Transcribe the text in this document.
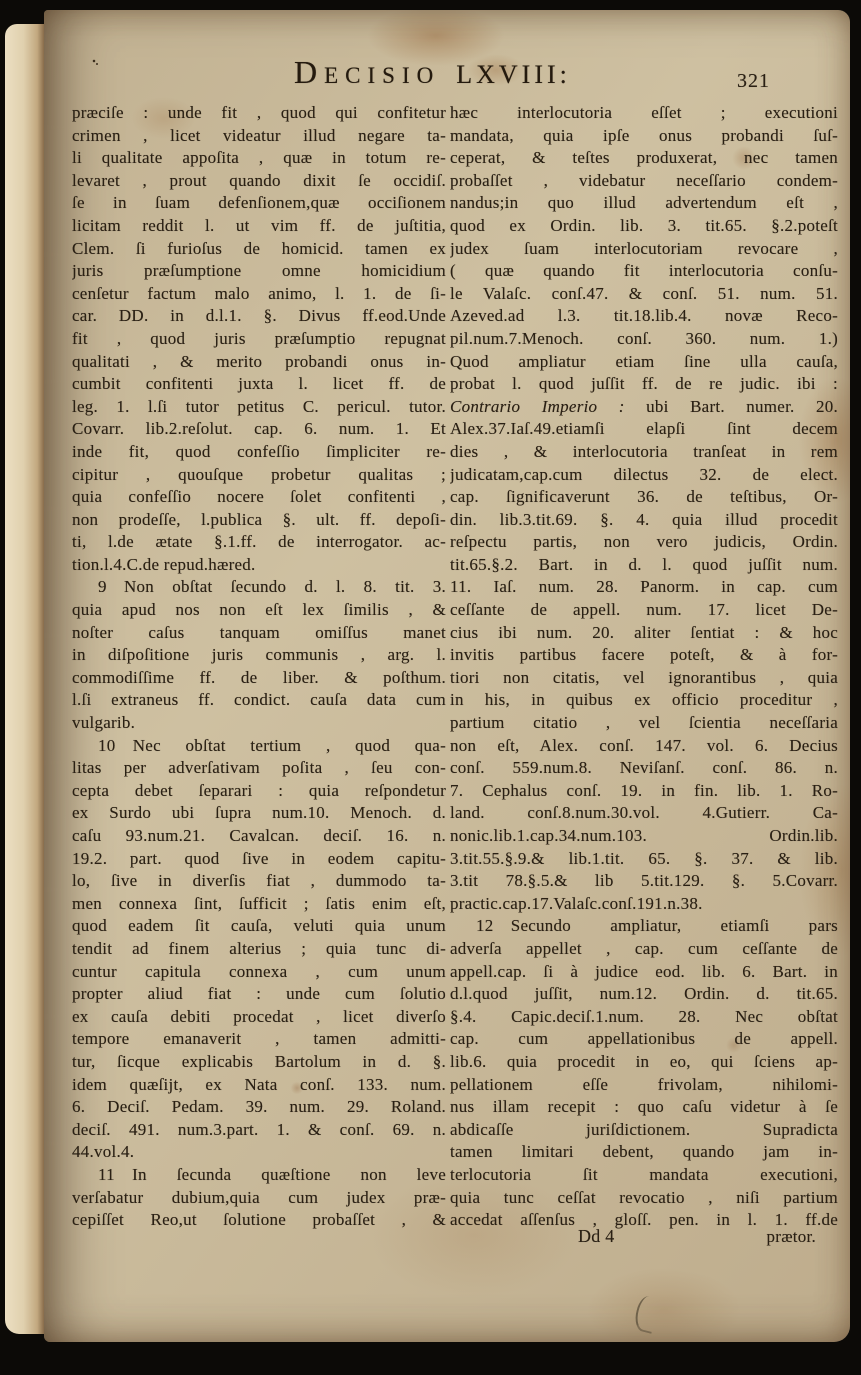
DECISIO LXVIII:	321
præciſe : unde fit , quod qui confitetur
crimen , licet videatur illud negare ta-
li qualitate appoſita , quæ in totum re-
levaret , prout quando dixit ſe occidiſ.
ſe in ſuam defenſionem,quæ occiſionem
licitam reddit l. ut vim ff. de juſtitia,
Clem. ſi furioſus de homicid. tamen ex
juris præſumptione omne homicidium
cenſetur factum malo animo, l. 1. de ſi-
car. DD. in d.l.1. §. Divus ff.eod.Unde
fit , quod juris præſumptio repugnat
qualitati , & merito probandi onus in-
cumbit confitenti juxta l. licet ff. de
leg. 1. l.ſi tutor petitus C. pericul. tutor.
Covarr. lib.2.reſolut. cap. 6. num. 1. Et
inde fit, quod confeſſio ſimpliciter re-
cipitur , quouſque probetur qualitas ;
quia confeſſio nocere ſolet confitenti ,
non prodeſſe, l.publica §. ult. ff. depoſi-
ti, l.de ætate §.1.ff. de interrogator. ac-
tion.l.4.C.de repud.hæred.
9 Non obſtat ſecundo d. l. 8. tit. 3.
quia apud nos non eſt lex ſimilis , &
noſter caſus tanquam omiſſus manet
in diſpoſitione juris communis , arg. l.
commodiſſime ff. de liber. & poſthum.
l.ſi extraneus ff. condict. cauſa data cum
vulgarib.
10 Nec obſtat tertium , quod qua-
litas per adverſativam poſita , ſeu con-
cepta debet ſeparari : quia reſpondetur
ex Surdo ubi ſupra num.10. Menoch. d.
caſu 93.num.21. Cavalcan. deciſ. 16. n.
19.2. part. quod ſive in eodem capitu-
lo, ſive in diverſis fiat , dummodo ta-
men connexa ſint, ſufficit ; ſatis enim eſt,
quod eadem ſit cauſa, veluti quia unum
tendit ad finem alterius ; quia tunc di-
cuntur capitula connexa , cum unum
propter aliud fiat : unde cum ſolutio
ex cauſa debiti procedat , licet diverſo
tempore emanaverit , tamen admitti-
tur, ſicque explicabis Bartolum in d. §.
idem quæſijt, ex Nata conſ. 133. num.
6. Deciſ. Pedam. 39. num. 29. Roland.
deciſ. 491. num.3.part. 1. & conſ. 69. n.
44.vol.4.
11 In ſecunda quæſtione non leve
verſabatur dubium,quia cum judex præ-
cepiſſet Reo,ut ſolutione probaſſet , &
hæc interlocutoria eſſet ; executioni
mandata, quia ipſe onus probandi ſuſ-
ceperat, & teſtes produxerat, nec tamen
probaſſet , videbatur neceſſario condem-
nandus;in quo illud advertendum eſt ,
quod ex Ordin. lib. 3. tit.65. §.2.poteſt
judex ſuam interlocutoriam revocare ,
( quæ quando fit interlocutoria conſu-
le Valaſc. conſ.47. & conſ. 51. num. 51.
Azeved.ad l.3. tit.18.lib.4. novæ Reco-
pil.num.7.Menoch. conſ. 360. num. 1.)
Quod ampliatur etiam ſine ulla cauſa,
probat l. quod juſſit ff. de re judic. ibi :
Contrario Imperio : ubi Bart. numer. 20.
Alex.37.Iaſ.49.etiamſi elapſi ſint decem
dies , & interlocutoria tranſeat in rem
judicatam,cap.cum dilectus 32. de elect.
cap. ſignificaverunt 36. de teſtibus, Or-
din. lib.3.tit.69. §. 4. quia illud procedit
reſpectu partis, non vero judicis, Ordin.
tit.65.§.2. Bart. in d. l. quod juſſit num.
11. Iaſ. num. 28. Panorm. in cap. cum
ceſſante de appell. num. 17. licet De-
cius ibi num. 20. aliter ſentiat : & hoc
invitis partibus facere poteſt, & à for-
tiori non citatis, vel ignorantibus , quia
in his, in quibus ex officio proceditur ,
partium citatio , vel ſcientia neceſſaria
non eſt, Alex. conſ. 147. vol. 6. Decius
conſ. 559.num.8. Neviſanſ. conſ. 86. n.
7. Cephalus conſ. 19. in fin. lib. 1. Ro-
land. conſ.8.num.30.vol. 4.Gutierr. Ca-
nonic.lib.1.cap.34.num.103. Ordin.lib.
3.tit.55.§.9.& lib.1.tit. 65. §. 37. & lib.
3.tit 78.§.5.& lib 5.tit.129. §. 5.Covarr.
practic.cap.17.Valaſc.conſ.191.n.38.
12 Secundo ampliatur, etiamſi pars
adverſa appellet , cap. cum ceſſante de
appell.cap. ſi à judice eod. lib. 6. Bart. in
d.l.quod juſſit, num.12. Ordin. d. tit.65.
§.4. Capic.deciſ.1.num. 28. Nec obſtat
cap. cum appellationibus de appell.
lib.6. quia procedit in eo, qui ſciens ap-
pellationem eſſe frivolam, nihilomi-
nus illam recepit : quo caſu videtur à ſe
abdicaſſe juriſdictionem. Supradicta
tamen limitari debent, quando jam in-
terlocutoria ſit mandata executioni,
quia tunc ceſſat revocatio , niſi partium
accedat aſſenſus , gloſſ. pen. in l. 1. ff.de
Dd 4	prætor.
